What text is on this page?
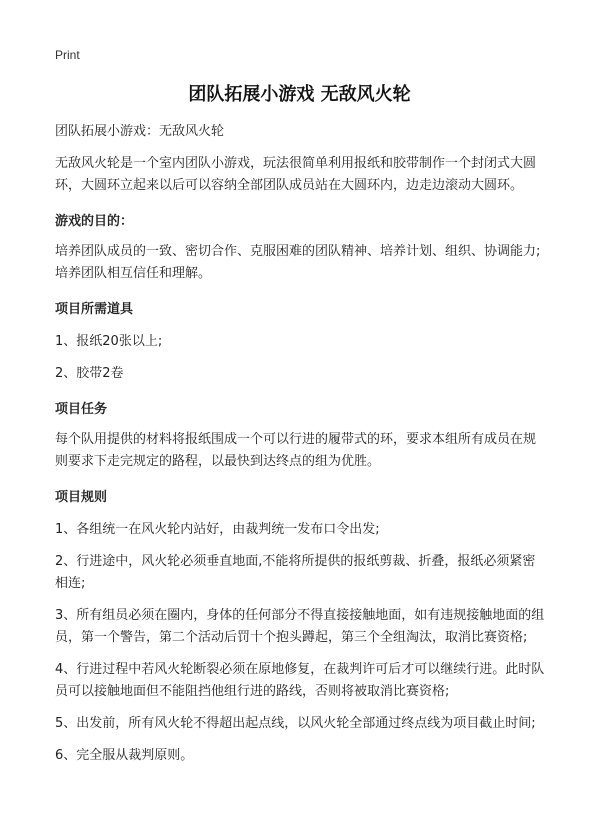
Print
团队拓展小游戏 无敌风火轮

团队拓展小游戏：无敌风火轮

无敌风火轮是一个室内团队小游戏，玩法很简单利用报纸和胶带制作一个封闭式大圆环，大圆环立起来以后可以容纳全部团队成员站在大圆环内，边走边滚动大圆环。

游戏的目的：

培养团队成员的一致、密切合作、克服困难的团队精神、培养计划、组织、协调能力;培养团队相互信任和理解。

项目所需道具

1、报纸20张以上;

2、胶带2卷

项目任务

每个队用提供的材料将报纸围成一个可以行进的履带式的环，要求本组所有成员在规则要求下走完规定的路程，以最快到达终点的组为优胜。

项目规则

1、各组统一在风火轮内站好，由裁判统一发布口令出发;

2、行进途中，风火轮必须垂直地面,不能将所提供的报纸剪裁、折叠，报纸必须紧密相连;

3、所有组员必须在圈内，身体的任何部分不得直接接触地面，如有违规接触地面的组员，第一个警告，第二个活动后罚十个抱头蹲起，第三个全组淘汰，取消比赛资格;

4、行进过程中若风火轮断裂必须在原地修复，在裁判许可后才可以继续行进。此时队员可以接触地面但不能阻挡他组行进的路线，否则将被取消比赛资格;

5、出发前，所有风火轮不得超出起点线，以风火轮全部通过终点线为项目截止时间;

6、完全服从裁判原则。
